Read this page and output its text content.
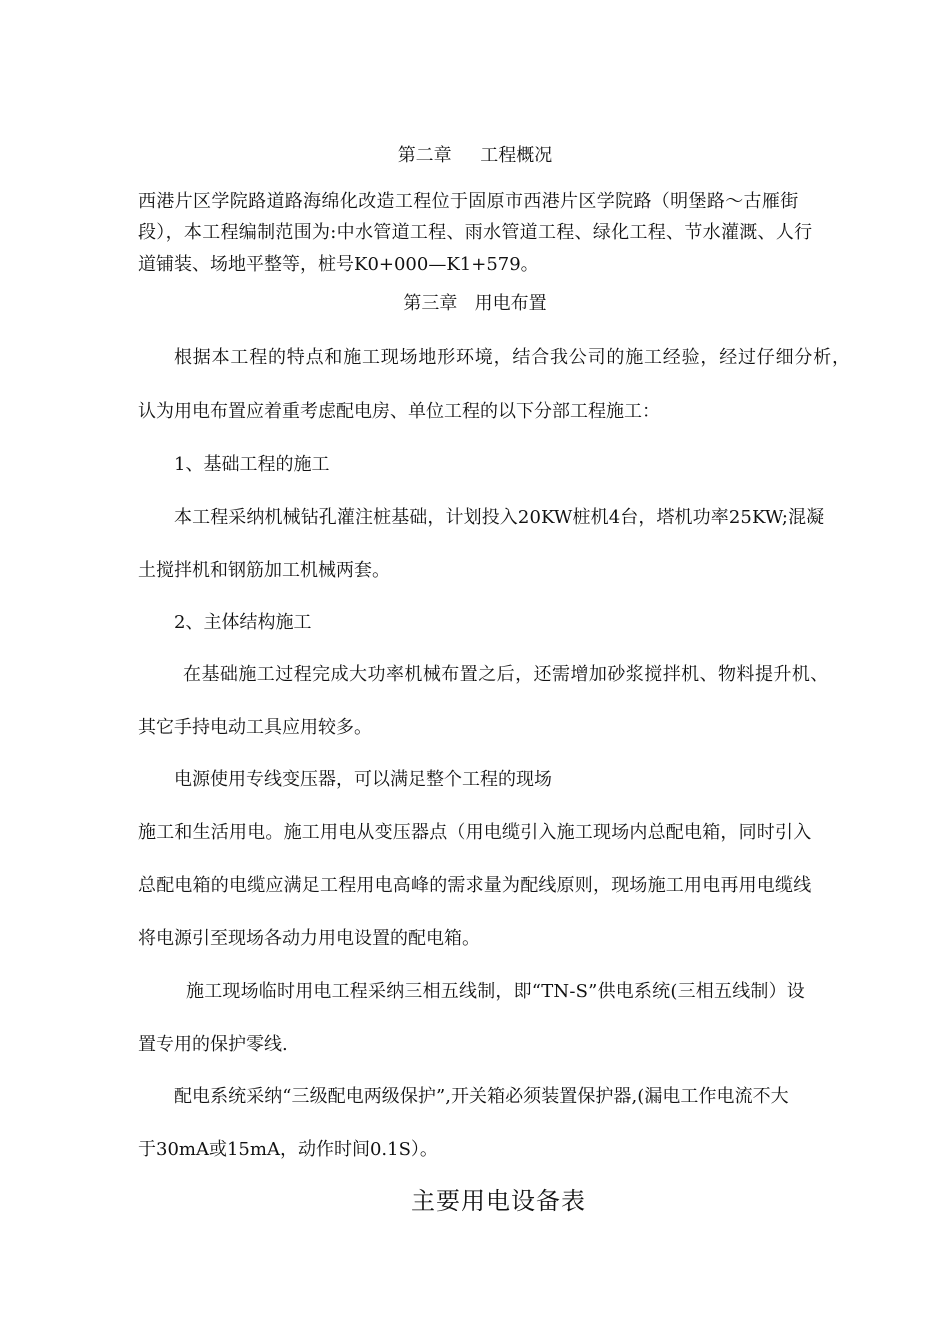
第二章     工程概况
西港片区学院路道路海绵化改造工程位于固原市西港片区学院路（明堡路～古雁街
段），本工程编制范围为:中水管道工程、雨水管道工程、绿化工程、节水灌溉、人行
道铺装、场地平整等，桩号K0+000—K1+579。
第三章   用电布置
根据本工程的特点和施工现场地形环境，结合我公司的施工经验，经过仔细分析，
认为用电布置应着重考虑配电房、单位工程的以下分部工程施工：
1、基础工程的施工
本工程采纳机械钻孔灌注桩基础，计划投入20KW桩机4台，塔机功率25KW;混凝
土搅拌机和钢筋加工机械两套。
2、主体结构施工
在基础施工过程完成大功率机械布置之后，还需增加砂浆搅拌机、物料提升机、
其它手持电动工具应用较多。
电源使用专线变压器，可以满足整个工程的现场
施工和生活用电。施工用电从变压器点（用电缆引入施工现场内总配电箱，同时引入
总配电箱的电缆应满足工程用电高峰的需求量为配线原则，现场施工用电再用电缆线
将电源引至现场各动力用电设置的配电箱。
施工现场临时用电工程采纳三相五线制，即“TN-S”供电系统(三相五线制）设
置专用的保护零线.
配电系统采纳“三级配电两级保护”,开关箱必须装置保护器,(漏电工作电流不大
于30mA或15mA，动作时间0.1S）。
主要用电设备表
